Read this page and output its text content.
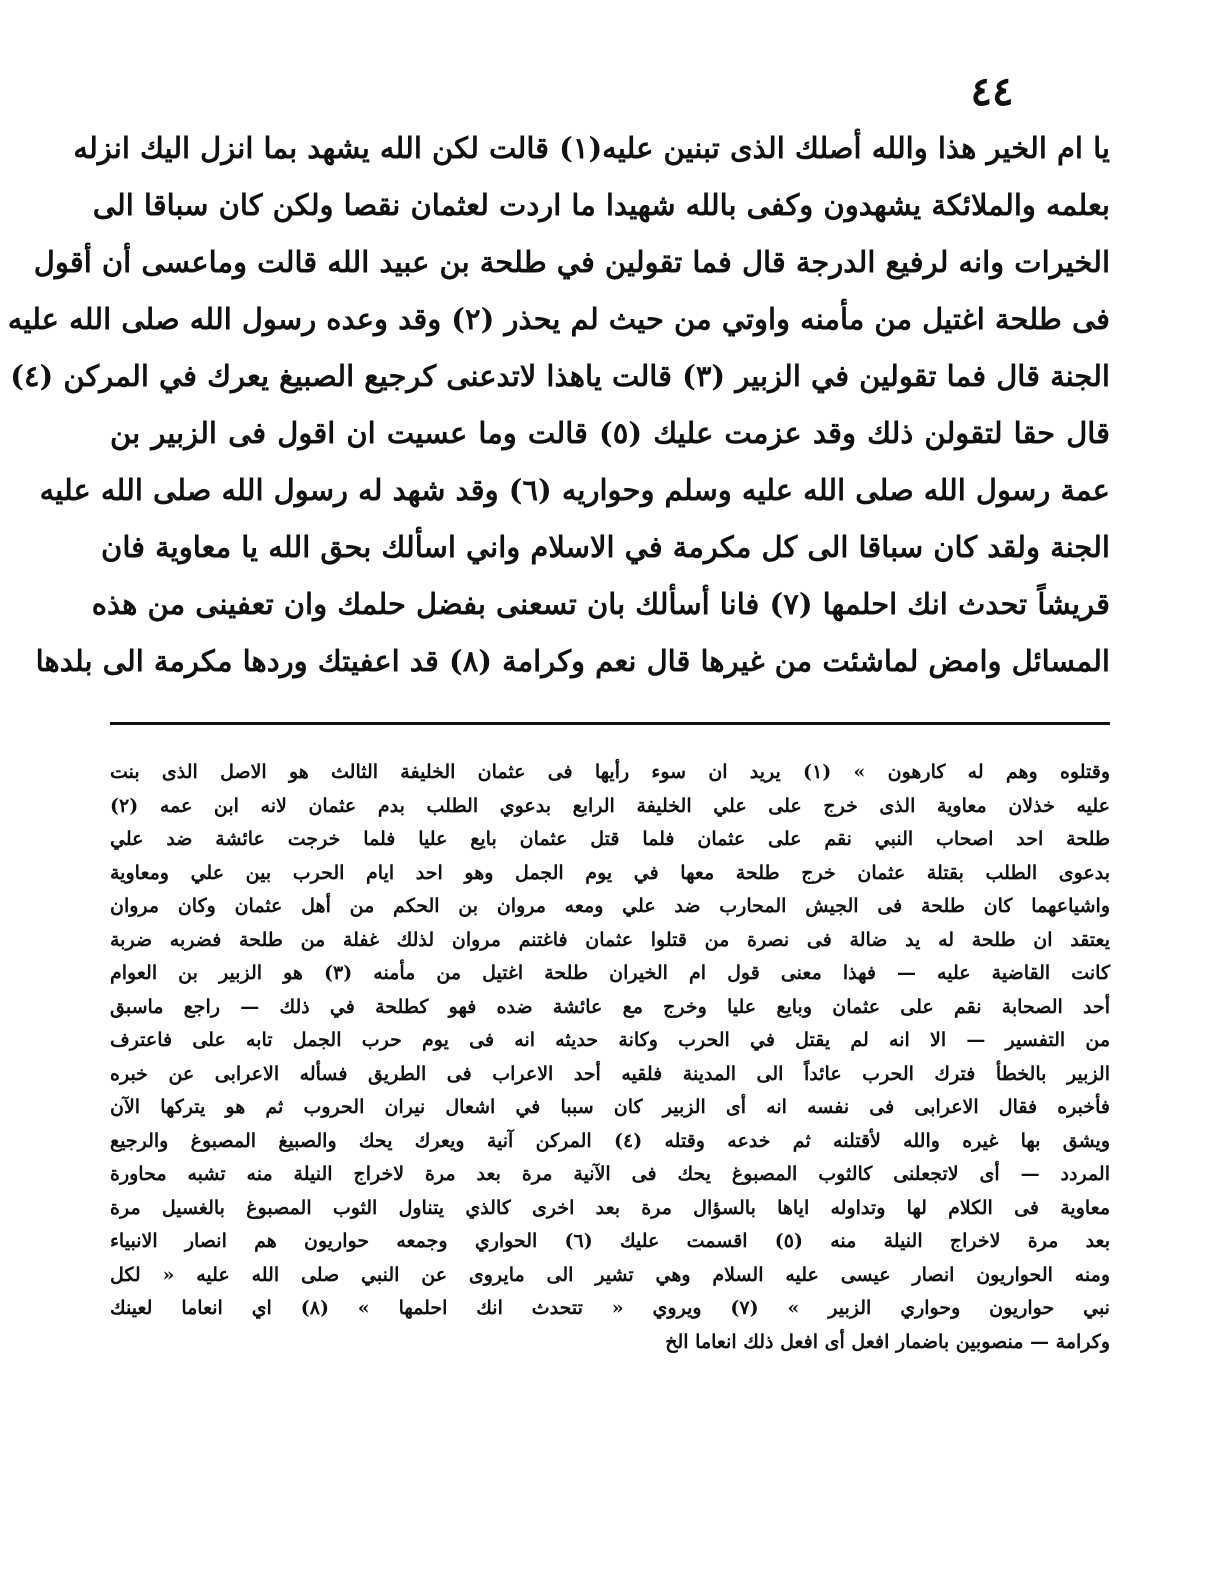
٤٤
يا ام الخير هذا والله أصلك الذى تبنين عليه(١) قالت لكن الله يشهد بما انزل اليك انزله
بعلمه والملائكة يشهدون وكفى بالله شهيدا ما اردت لعثمان نقصا ولكن كان سباقا الى
الخيرات وانه لرفيع الدرجة قال فما تقولين في طلحة بن عبيد الله قالت وماعسى أن أقول
فى طلحة اغتيل من مأمنه واوتي من حيث لم يحذر (٢) وقد وعده رسول الله صلى الله عليه
الجنة قال فما تقولين في الزبير (٣) قالت ياهذا لاتدعنى كرجيع الصبيغ يعرك في المركن (٤)
قال حقا لتقولن ذلك وقد عزمت عليك (٥) قالت وما عسيت ان اقول فى الزبير بن
عمة رسول الله صلى الله عليه وسلم وحواريه (٦) وقد شهد له رسول الله صلى الله عليه
الجنة ولقد كان سباقا الى كل مكرمة في الاسلام واني اسألك بحق الله يا معاوية فان
قريشاً تحدث انك احلمها (٧) فانا أسألك بان تسعنى بفضل حلمك وان تعفينى من هذه
المسائل وامض لماشئت من غيرها قال نعم وكرامة (٨) قد اعفيتك وردها مكرمة الى بلدها
وقتلوه وهم له كارهون » (١) يريد ان سوء رأيها فى عثمان الخليفة الثالث هو الاصل الذى بنت
عليه خذلان معاوية الذى خرج على علي الخليفة الرابع بدعوي الطلب بدم عثمان لانه ابن عمه (٢)
طلحة احد اصحاب النبي نقم على عثمان فلما قتل عثمان بايع عليا فلما خرجت عائشة ضد علي
بدعوى الطلب بقتلة عثمان خرج طلحة معها في يوم الجمل وهو احد ايام الحرب بين علي ومعاوية
واشياعهما كان طلحة فى الجيش المحارب ضد علي ومعه مروان بن الحكم من أهل عثمان وكان مروان
يعتقد ان طلحة له يد ضالة فى نصرة من قتلوا عثمان فاغتنم مروان لذلك غفلة من طلحة فضربه ضربة
كانت القاضية عليه — فهذا معنى قول ام الخيران طلحة اغتيل من مأمنه (٣) هو الزبير بن العوام
أحد الصحابة نقم على عثمان وبايع عليا وخرج مع عائشة ضده فهو كطلحة في ذلك — راجع ماسبق
من التفسير — الا انه لم يقتل في الحرب وكانة حديثه انه فى يوم حرب الجمل تابه على فاعترف
الزبير بالخطأ فترك الحرب عائداً الى المدينة فلقيه أحد الاعراب فى الطريق فسأله الاعرابى عن خبره
فأخبره فقال الاعرابى فى نفسه انه أى الزبير كان سببا في اشعال نيران الحروب ثم هو يتركها الآن
ويشق بها غيره والله لأقتلنه ثم خدعه وقتله (٤) المركن آنية ويعرك يحك والصبيغ المصبوغ والرجيع
المردد — أى لاتجعلنى كالثوب المصبوغ يحك فى الآنية مرة بعد مرة لاخراج النيلة منه تشبه محاورة
معاوية فى الكلام لها وتداوله اياها بالسؤال مرة بعد اخرى كالذي يتناول الثوب المصبوغ بالغسيل مرة
بعد مرة لاخراج النيلة منه (٥) اقسمت عليك (٦) الحواري وجمعه حواريون هم انصار الانبياء
ومنه الحواريون انصار عيسى عليه السلام وهي تشير الى مايروى عن النبي صلى الله عليه « لكل
نبي حواريون وحواري الزبير » (٧) ويروي « تتحدث انك احلمها » (٨) اي انعاما لعينك
وكرامة — منصوبين باضمار افعل أى افعل ذلك انعاما الخ
